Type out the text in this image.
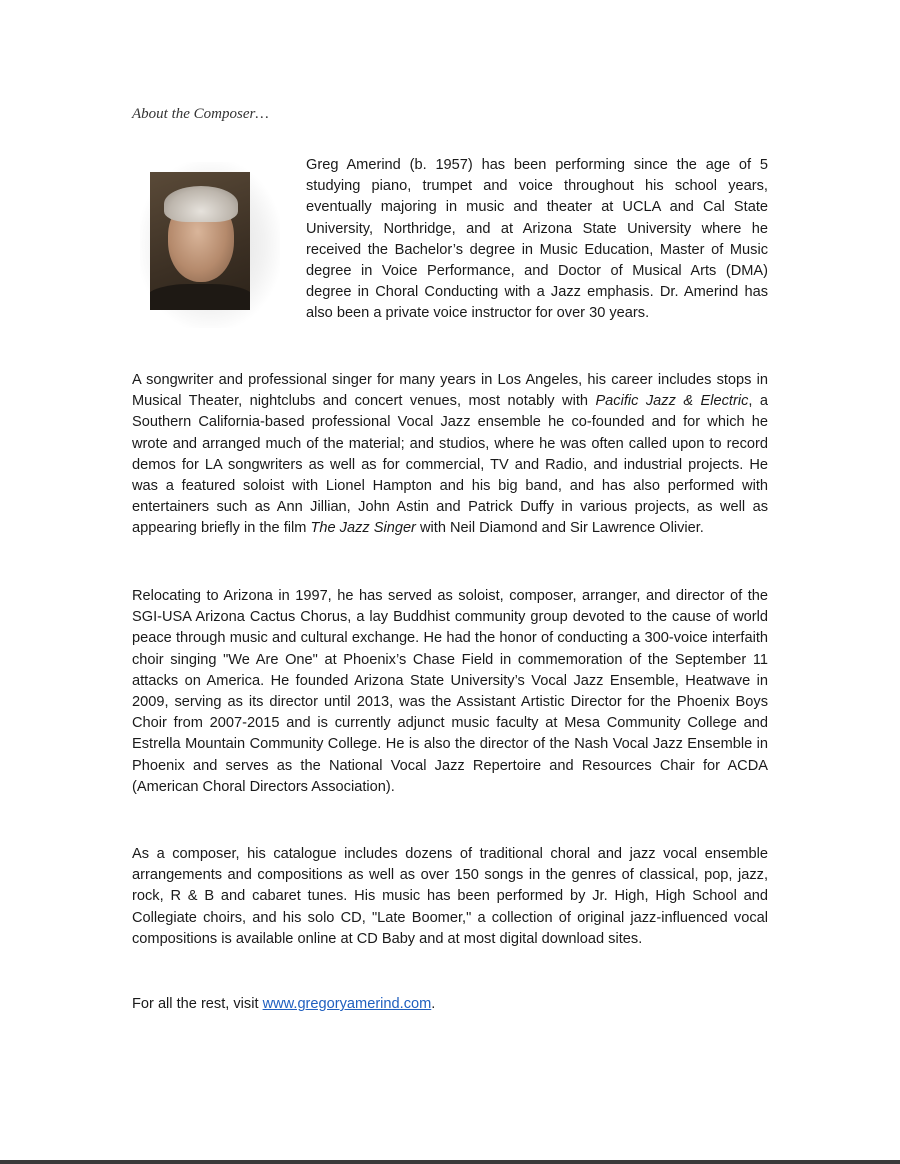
About the Composer…

Greg Amerind (b. 1957) has been performing since the age of 5 studying piano, trumpet and voice throughout his school years, eventually majoring in music and theater at UCLA and Cal State University, Northridge, and at Arizona State University where he received the Bachelor’s degree in Music Education, Master of Music degree in Voice Performance, and Doctor of Musical Arts (DMA) degree in Choral Conducting with a Jazz emphasis. Dr. Amerind has also been a private voice instructor for over 30 years.

A songwriter and professional singer for many years in Los Angeles, his career includes stops in Musical Theater, nightclubs and concert venues, most notably with Pacific Jazz & Electric, a Southern California-based professional Vocal Jazz ensemble he co-founded and for which he wrote and arranged much of the material; and studios, where he was often called upon to record demos for LA songwriters as well as for commercial, TV and Radio, and industrial projects. He was a featured soloist with Lionel Hampton and his big band, and has also performed with entertainers such as Ann Jillian, John Astin and Patrick Duffy in various projects, as well as appearing briefly in the film The Jazz Singer with Neil Diamond and Sir Lawrence Olivier.

Relocating to Arizona in 1997, he has served as soloist, composer, arranger, and director of the SGI-USA Arizona Cactus Chorus, a lay Buddhist community group devoted to the cause of world peace through music and cultural exchange. He had the honor of conducting a 300-voice interfaith choir singing "We Are One" at Phoenix’s Chase Field in commemoration of the September 11 attacks on America. He founded Arizona State University’s Vocal Jazz Ensemble, Heatwave in 2009, serving as its director until 2013, was the Assistant Artistic Director for the Phoenix Boys Choir from 2007-2015 and is currently adjunct music faculty at Mesa Community College and Estrella Mountain Community College. He is also the director of the Nash Vocal Jazz Ensemble in Phoenix and serves as the National Vocal Jazz Repertoire and Resources Chair for ACDA (American Choral Directors Association).

As a composer, his catalogue includes dozens of traditional choral and jazz vocal ensemble arrangements and compositions as well as over 150 songs in the genres of classical, pop, jazz, rock, R & B and cabaret tunes. His music has been performed by Jr. High, High School and Collegiate choirs, and his solo CD, "Late Boomer," a collection of original jazz-influenced vocal compositions is available online at CD Baby and at most digital download sites.

For all the rest, visit www.gregoryamerind.com.
